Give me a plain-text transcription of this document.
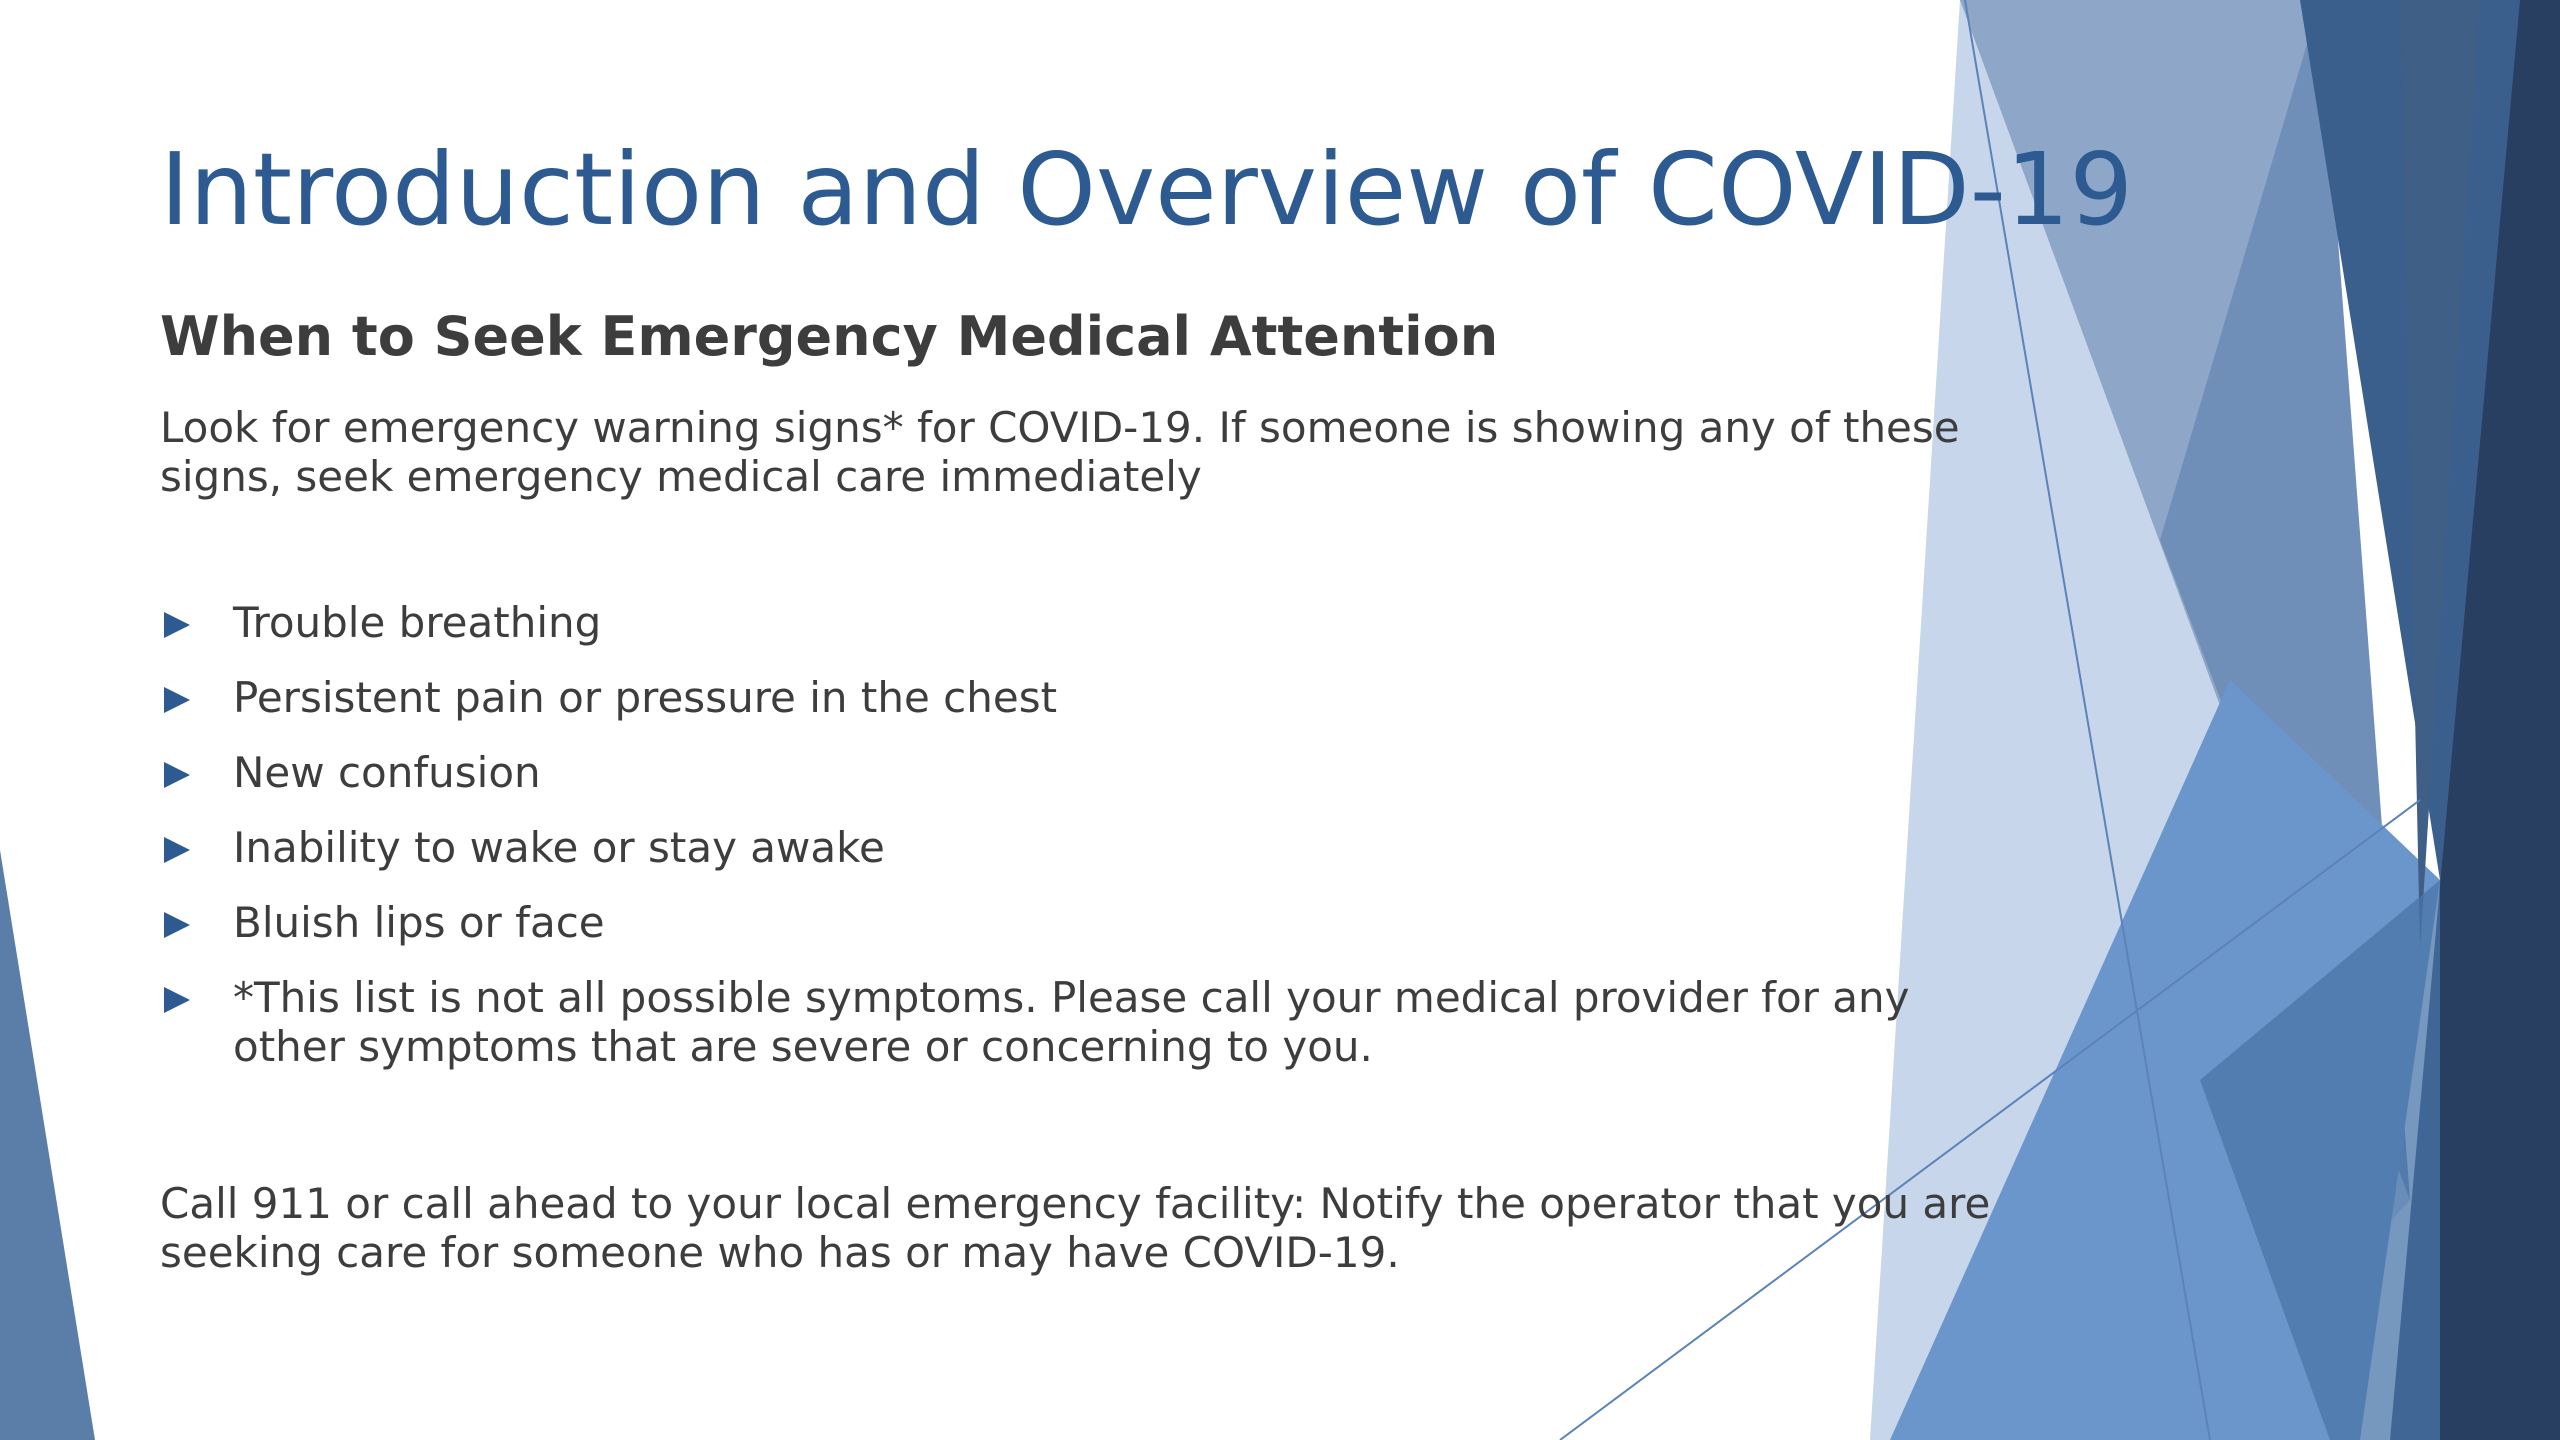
Introduction and Overview of COVID-19
When to Seek Emergency Medical Attention

Look for emergency warning signs* for COVID-19. If someone is showing any of these signs, seek emergency medical care immediately

Trouble breathing
Persistent pain or pressure in the chest
New confusion
Inability to wake or stay awake
Bluish lips or face
*This list is not all possible symptoms. Please call your medical provider for any other symptoms that are severe or concerning to you.

Call 911 or call ahead to your local emergency facility: Notify the operator that you are seeking care for someone who has or may have COVID-19.
